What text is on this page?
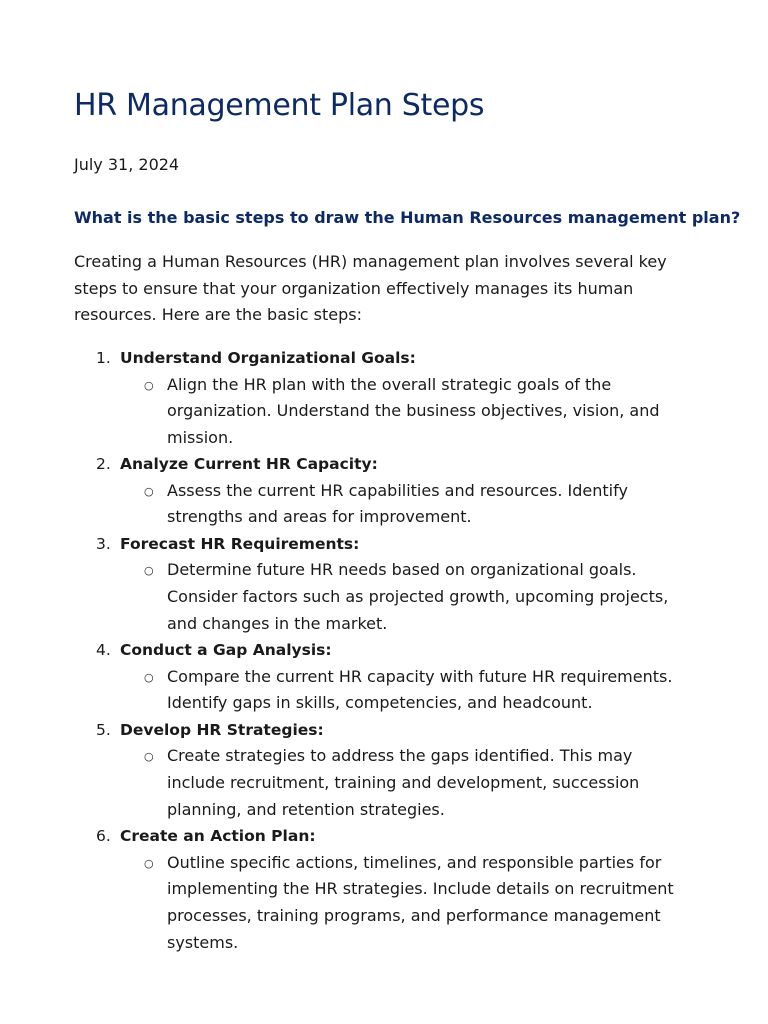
HR Management Plan Steps
July 31, 2024
What is the basic steps to draw the Human Resources management plan?
Creating a Human Resources (HR) management plan involves several key steps to ensure that your organization effectively manages its human resources. Here are the basic steps:
1. Understand Organizational Goals:
○ Align the HR plan with the overall strategic goals of the organization. Understand the business objectives, vision, and mission.
2. Analyze Current HR Capacity:
○ Assess the current HR capabilities and resources. Identify strengths and areas for improvement.
3. Forecast HR Requirements:
○ Determine future HR needs based on organizational goals. Consider factors such as projected growth, upcoming projects, and changes in the market.
4. Conduct a Gap Analysis:
○ Compare the current HR capacity with future HR requirements. Identify gaps in skills, competencies, and headcount.
5. Develop HR Strategies:
○ Create strategies to address the gaps identified. This may include recruitment, training and development, succession planning, and retention strategies.
6. Create an Action Plan:
○ Outline specific actions, timelines, and responsible parties for implementing the HR strategies. Include details on recruitment processes, training programs, and performance management systems.
